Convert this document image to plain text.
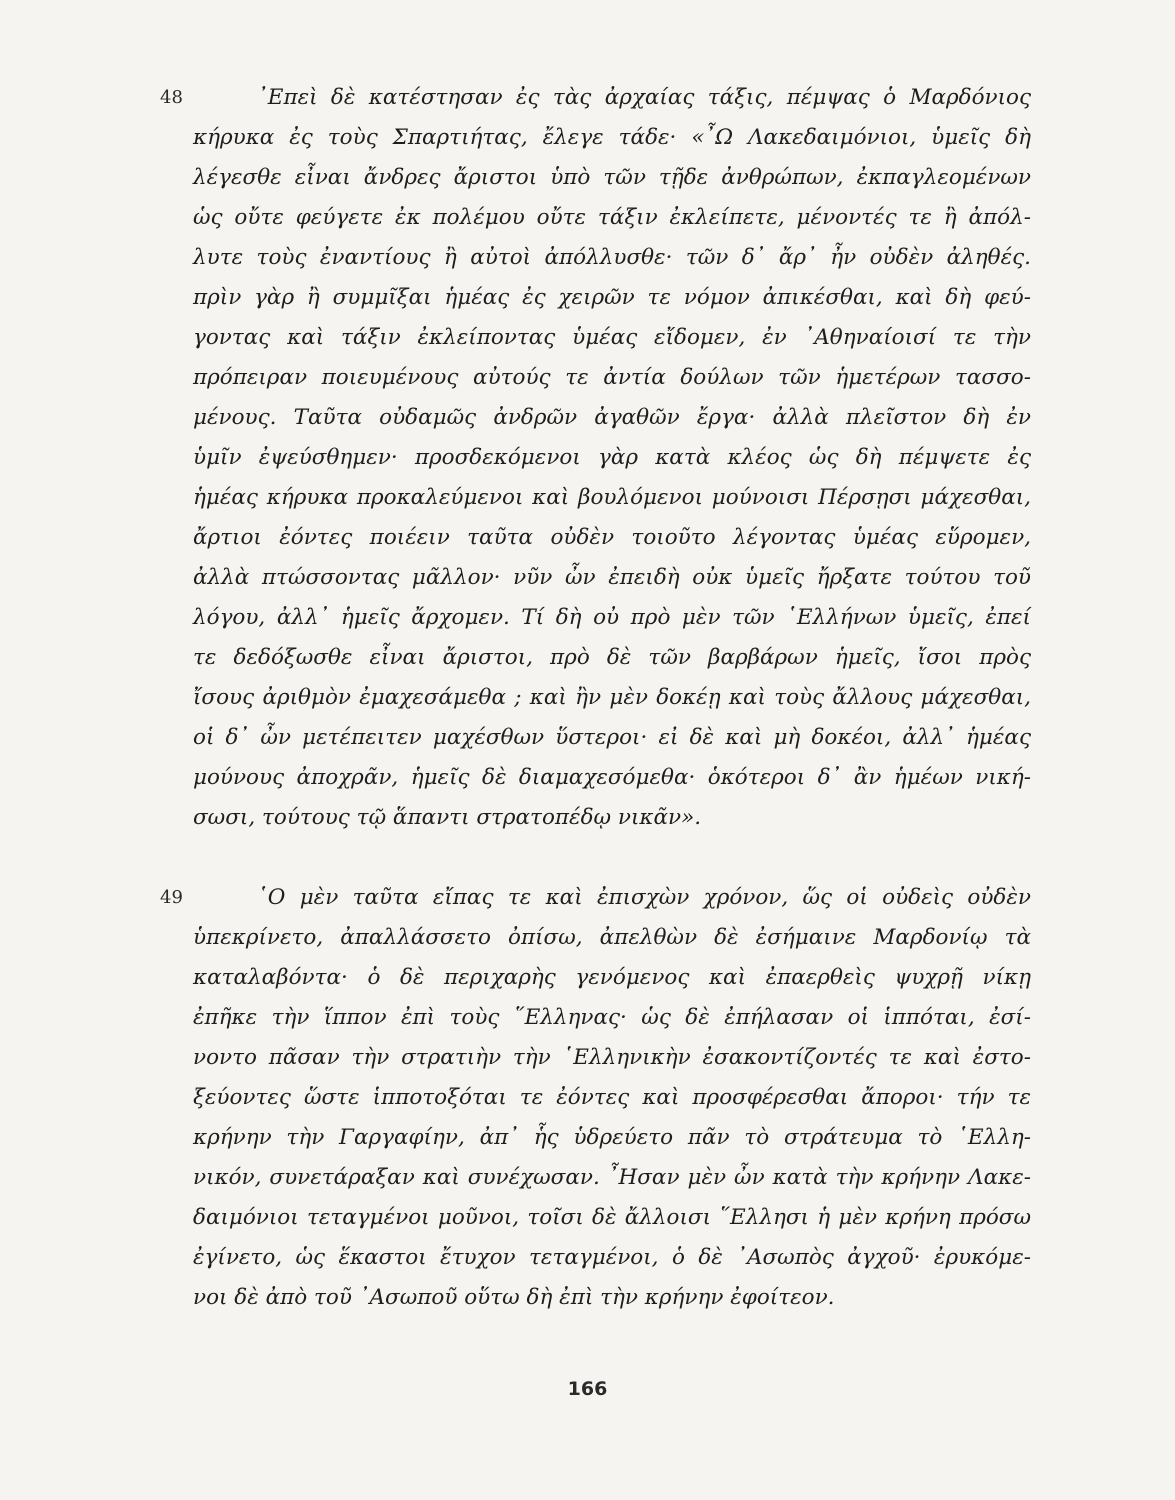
48	᾿Επεὶ δὲ κατέστησαν ἐς τὰς ἀρχαίας τάξις, πέμψας ὁ Μαρδόνιος
κήρυκα ἐς τοὺς Σπαρτιήτας, ἔλεγε τάδε· «῏Ω Λακεδαιμόνιοι, ὑμεῖς δὴ
λέγεσθε εἶναι ἄνδρες ἄριστοι ὑπὸ τῶν τῇδε ἀνθρώπων, ἐκπαγλεομένων
ὡς οὔτε φεύγετε ἐκ πολέμου οὔτε τάξιν ἐκλείπετε, μένοντές τε ἢ ἀπόλ-
λυτε τοὺς ἐναντίους ἢ αὐτοὶ ἀπόλλυσθε· τῶν δ᾿ ἄρ᾿ ἦν οὐδὲν ἀληθές.
πρὶν γὰρ ἢ συμμῖξαι ἡμέας ἐς χειρῶν τε νόμον ἀπικέσθαι, καὶ δὴ φεύ-
γοντας καὶ τάξιν ἐκλείποντας ὑμέας εἴδομεν, ἐν ᾿Αθηναίοισί τε τὴν
πρόπειραν ποιευμένους αὐτούς τε ἀντία δούλων τῶν ἡμετέρων τασσο-
μένους. Ταῦτα οὐδαμῶς ἀνδρῶν ἀγαθῶν ἔργα· ἀλλὰ πλεῖστον δὴ ἐν
ὑμῖν ἐψεύσθημεν· προσδεκόμενοι γὰρ κατὰ κλέος ὡς δὴ πέμψετε ἐς
ἡμέας κήρυκα προκαλεύμενοι καὶ βουλόμενοι μούνοισι Πέρσῃσι μάχεσθαι,
ἄρτιοι ἐόντες ποιέειν ταῦτα οὐδὲν τοιοῦτο λέγοντας ὑμέας εὕρομεν,
ἀλλὰ πτώσσοντας μᾶλλον· νῦν ὦν ἐπειδὴ οὐκ ὑμεῖς ἤρξατε τούτου τοῦ
λόγου, ἀλλ᾿ ἡμεῖς ἄρχομεν. Τί δὴ οὐ πρὸ μὲν τῶν ῾Ελλήνων ὑμεῖς, ἐπεί
τε δεδόξωσθε εἶναι ἄριστοι, πρὸ δὲ τῶν βαρβάρων ἡμεῖς, ἴσοι πρὸς
ἴσους ἀριθμὸν ἐμαχεσάμεθα ; καὶ ἢν μὲν δοκέῃ καὶ τοὺς ἄλλους μάχεσθαι,
οἱ δ᾿ ὦν μετέπειτεν μαχέσθων ὕστεροι· εἰ δὲ καὶ μὴ δοκέοι, ἀλλ᾿ ἡμέας
μούνους ἀποχρᾶν, ἡμεῖς δὲ διαμαχεσόμεθα· ὁκότεροι δ᾿ ἂν ἡμέων νική-
σωσι, τούτους τῷ ἅπαντι στρατοπέδῳ νικᾶν».
49	῾Ο μὲν ταῦτα εἴπας τε καὶ ἐπισχὼν χρόνον, ὥς οἱ οὐδεὶς οὐδὲν
ὑπεκρίνετο, ἀπαλλάσσετο ὀπίσω, ἀπελθὼν δὲ ἐσήμαινε Μαρδονίῳ τὰ
καταλαβόντα· ὁ δὲ περιχαρὴς γενόμενος καὶ ἐπαερθεὶς ψυχρῇ νίκῃ
ἐπῆκε τὴν ἵππον ἐπὶ τοὺς ῞Ελληνας· ὡς δὲ ἐπήλασαν οἱ ἱππόται, ἐσί-
νοντο πᾶσαν τὴν στρατιὴν τὴν ῾Ελληνικὴν ἐσακοντίζοντές τε καὶ ἐστο-
ξεύοντες ὥστε ἱπποτοξόται τε ἐόντες καὶ προσφέρεσθαι ἄποροι· τήν τε
κρήνην τὴν Γαργαφίην, ἀπ᾿ ἧς ὑδρεύετο πᾶν τὸ στράτευμα τὸ ῾Ελλη-
νικόν, συνετάραξαν καὶ συνέχωσαν. ῏Ησαν μὲν ὦν κατὰ τὴν κρήνην Λακε-
δαιμόνιοι τεταγμένοι μοῦνοι, τοῖσι δὲ ἄλλοισι ῞Ελλησι ἡ μὲν κρήνη πρόσω
ἐγίνετο, ὡς ἕκαστοι ἔτυχον τεταγμένοι, ὁ δὲ ᾿Ασωπὸς ἀγχοῦ· ἐρυκόμε-
νοι δὲ ἀπὸ τοῦ ᾿Ασωποῦ οὕτω δὴ ἐπὶ τὴν κρήνην ἐφοίτεον.
166
